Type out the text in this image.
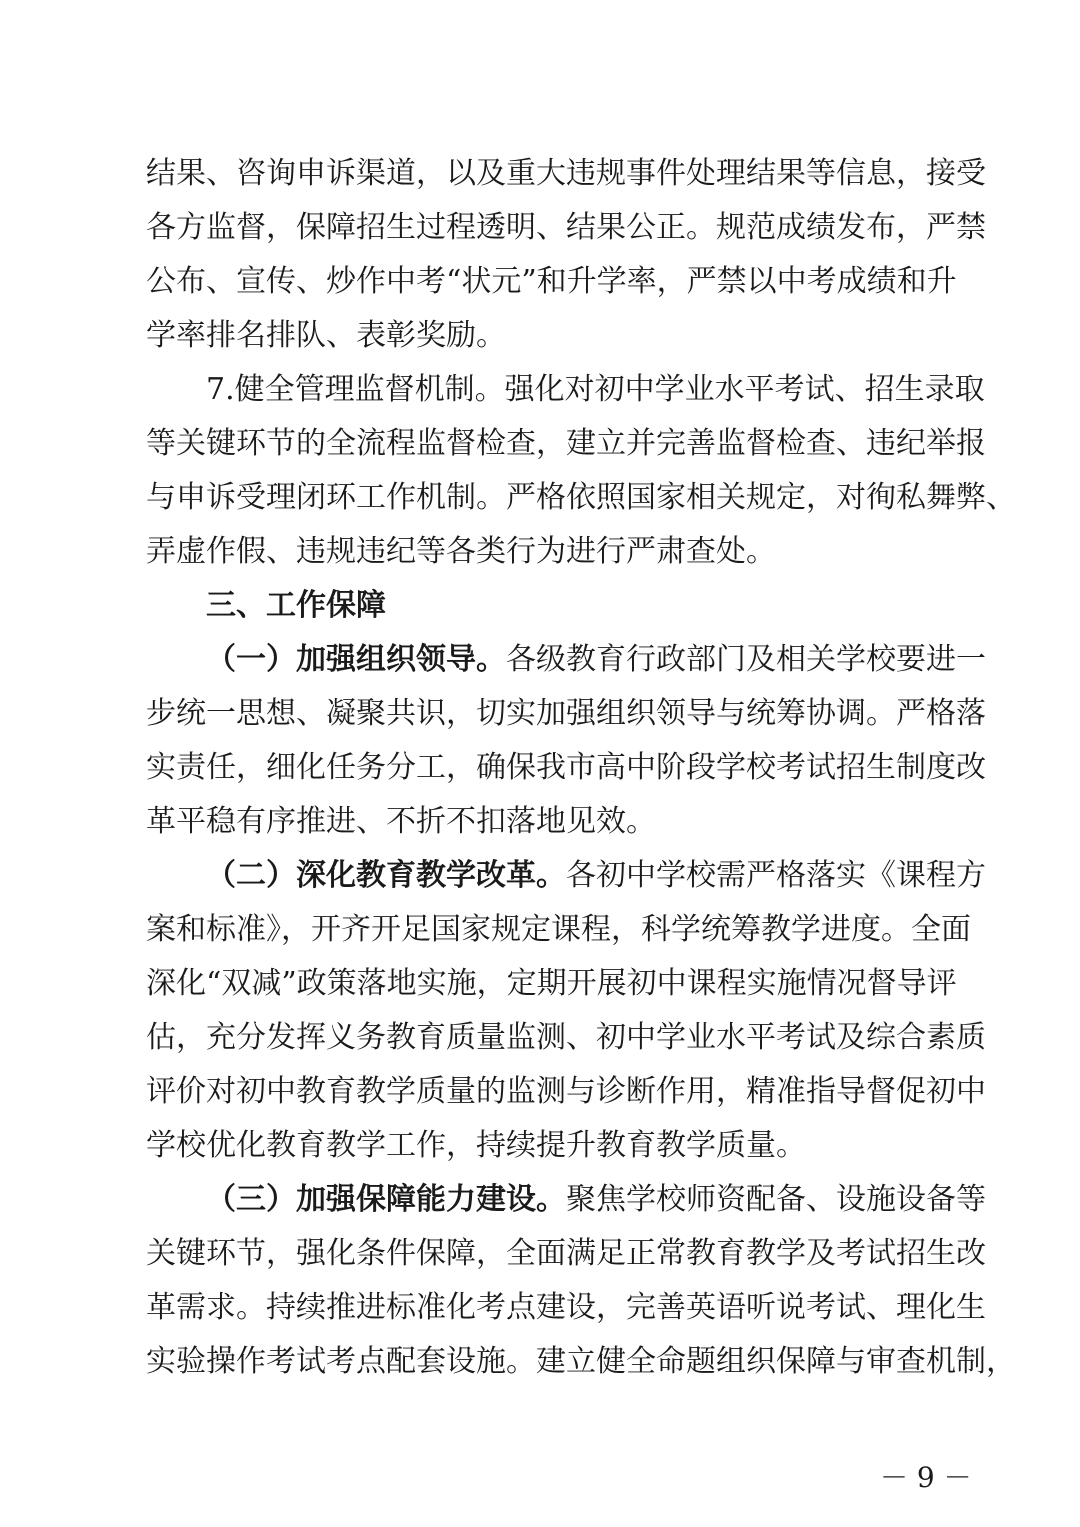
结果、咨询申诉渠道，以及重大违规事件处理结果等信息，接受
各方监督，保障招生过程透明、结果公正。规范成绩发布，严禁
公布、宣传、炒作中考“状元”和升学率，严禁以中考成绩和升
学率排名排队、表彰奖励。
7.健全管理监督机制。强化对初中学业水平考试、招生录取
等关键环节的全流程监督检查，建立并完善监督检查、违纪举报
与申诉受理闭环工作机制。严格依照国家相关规定，对徇私舞弊、
弄虚作假、违规违纪等各类行为进行严肃查处。
三、工作保障
（一）加强组织领导。各级教育行政部门及相关学校要进一
步统一思想、凝聚共识，切实加强组织领导与统筹协调。严格落
实责任，细化任务分工，确保我市高中阶段学校考试招生制度改
革平稳有序推进、不折不扣落地见效。
（二）深化教育教学改革。各初中学校需严格落实《课程方
案和标准》，开齐开足国家规定课程，科学统筹教学进度。全面
深化“双减”政策落地实施，定期开展初中课程实施情况督导评
估，充分发挥义务教育质量监测、初中学业水平考试及综合素质
评价对初中教育教学质量的监测与诊断作用，精准指导督促初中
学校优化教育教学工作，持续提升教育教学质量。
（三）加强保障能力建设。聚焦学校师资配备、设施设备等
关键环节，强化条件保障，全面满足正常教育教学及考试招生改
革需求。持续推进标准化考点建设，完善英语听说考试、理化生
实验操作考试考点配套设施。建立健全命题组织保障与审查机制，
－ 9 －
